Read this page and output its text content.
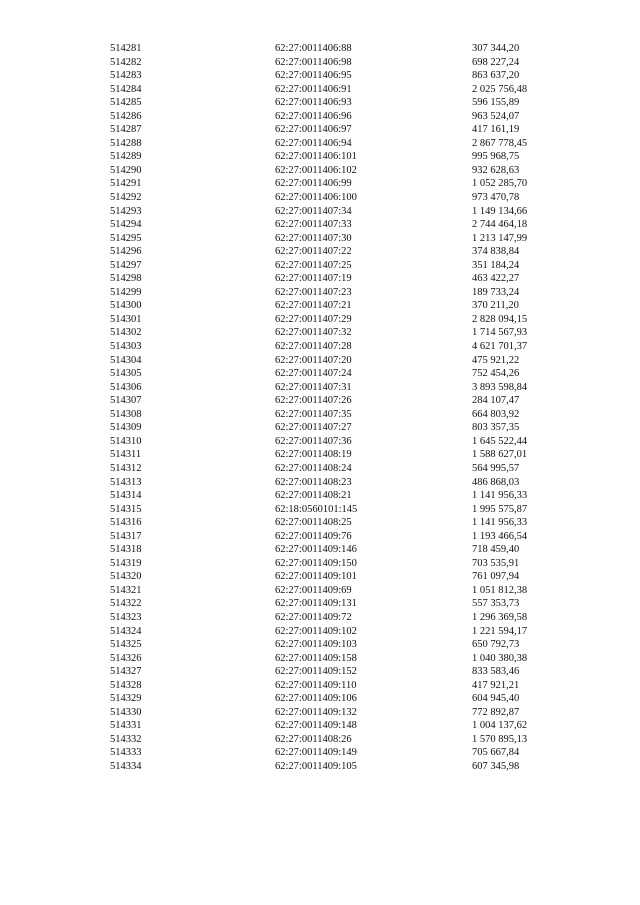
514281	62:27:0011406:88	307 344,20
514282	62:27:0011406:98	698 227,24
514283	62:27:0011406:95	863 637,20
514284	62:27:0011406:91	2 025 756,48
514285	62:27:0011406:93	596 155,89
514286	62:27:0011406:96	963 524,07
514287	62:27:0011406:97	417 161,19
514288	62:27:0011406:94	2 867 778,45
514289	62:27:0011406:101	995 968,75
514290	62:27:0011406:102	932 628,63
514291	62:27:0011406:99	1 052 285,70
514292	62:27:0011406:100	973 470,78
514293	62:27:0011407:34	1 149 134,66
514294	62:27:0011407:33	2 744 464,18
514295	62:27:0011407:30	1 213 147,99
514296	62:27:0011407:22	374 838,84
514297	62:27:0011407:25	351 184,24
514298	62:27:0011407:19	463 422,27
514299	62:27:0011407:23	189 733,24
514300	62:27:0011407:21	370 211,20
514301	62:27:0011407:29	2 828 094,15
514302	62:27:0011407:32	1 714 567,93
514303	62:27:0011407:28	4 621 701,37
514304	62:27:0011407:20	475 921,22
514305	62:27:0011407:24	752 454,26
514306	62:27:0011407:31	3 893 598,84
514307	62:27:0011407:26	284 107,47
514308	62:27:0011407:35	664 803,92
514309	62:27:0011407:27	803 357,35
514310	62:27:0011407:36	1 645 522,44
514311	62:27:0011408:19	1 588 627,01
514312	62:27:0011408:24	564 995,57
514313	62:27:0011408:23	486 868,03
514314	62:27:0011408:21	1 141 956,33
514315	62:18:0560101:145	1 995 575,87
514316	62:27:0011408:25	1 141 956,33
514317	62:27:0011409:76	1 193 466,54
514318	62:27:0011409:146	718 459,40
514319	62:27:0011409:150	703 535,91
514320	62:27:0011409:101	761 097,94
514321	62:27:0011409:69	1 051 812,38
514322	62:27:0011409:131	557 353,73
514323	62:27:0011409:72	1 296 369,58
514324	62:27:0011409:102	1 221 594,17
514325	62:27:0011409:103	650 792,73
514326	62:27:0011409:158	1 040 380,38
514327	62:27:0011409:152	833 583,46
514328	62:27:0011409:110	417 921,21
514329	62:27:0011409:106	604 945,40
514330	62:27:0011409:132	772 892,87
514331	62:27:0011409:148	1 004 137,62
514332	62:27:0011408:26	1 570 895,13
514333	62:27:0011409:149	705 667,84
514334	62:27:0011409:105	607 345,98
